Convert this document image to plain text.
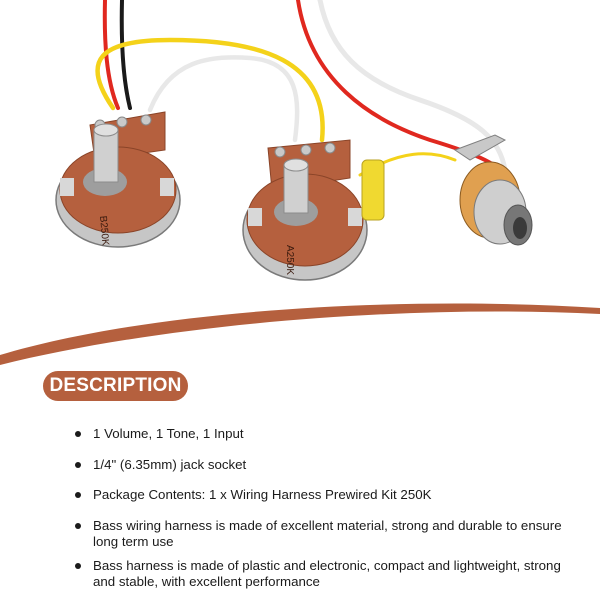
B250K
A250K
DESCRIPTION
1 Volume, 1 Tone, 1 Input
1/4" (6.35mm) jack socket
Package Contents: 1 x Wiring Harness Prewired Kit 250K
Bass wiring harness is made of excellent material, strong and durable to ensure long term use
Bass harness is made of plastic and electronic, compact and lightweight, strong and stable, with excellent performance
